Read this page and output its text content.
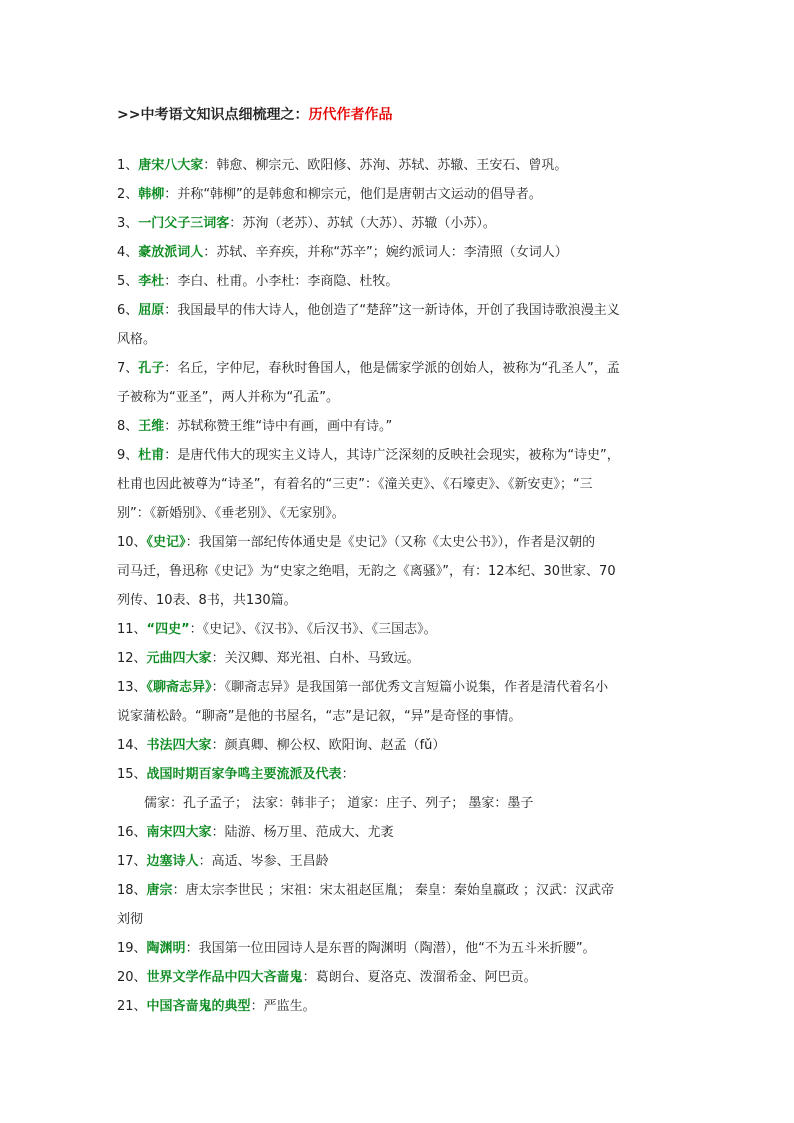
>>中考语文知识点细梳理之：历代作者作品
1、唐宋八大家：韩愈、柳宗元、欧阳修、苏洵、苏轼、苏辙、王安石、曾巩。
2、韩柳：并称“韩柳”的是韩愈和柳宗元，他们是唐朝古文运动的倡导者。
3、一门父子三词客：苏洵（老苏）、苏轼（大苏）、苏辙（小苏）。
4、豪放派词人：苏轼、辛弃疾，并称“苏辛”；婉约派词人：李清照（女词人）
5、李杜：李白、杜甫。小李杜：李商隐、杜牧。
6、屈原：我国最早的伟大诗人，他创造了“楚辞”这一新诗体，开创了我国诗歌浪漫主义
风格。
7、孔子：名丘，字仲尼，春秋时鲁国人，他是儒家学派的创始人，被称为“孔圣人”，孟
子被称为“亚圣”，两人并称为“孔孟”。
8、王维：苏轼称赞王维“诗中有画，画中有诗。”
9、杜甫：是唐代伟大的现实主义诗人，其诗广泛深刻的反映社会现实，被称为“诗史”，
杜甫也因此被尊为“诗圣”，有着名的“三吏”：《潼关吏》、《石壕吏》、《新安吏》；“三
别”：《新婚别》、《垂老别》、《无家别》。
10、《史记》：我国第一部纪传体通史是《史记》（又称《太史公书》），作者是汉朝的
司马迁，鲁迅称《史记》为“史家之绝唱，无韵之《离骚》”，有：12本纪、30世家、70
列传、10表、8书，共130篇。
11、“四史”：《史记》、《汉书》、《后汉书》、《三国志》。
12、元曲四大家：关汉卿、郑光祖、白朴、马致远。
13、《聊斋志异》：《聊斋志异》是我国第一部优秀文言短篇小说集，作者是清代着名小
说家蒲松龄。“聊斋”是他的书屋名，“志”是记叙，“异”是奇怪的事情。
14、书法四大家：颜真卿、柳公权、欧阳询、赵孟（fǔ）
15、战国时期百家争鸣主要流派及代表：
儒家：孔子孟子； 法家：韩非子； 道家：庄子、列子； 墨家：墨子
16、南宋四大家：陆游、杨万里、范成大、尤袤
17、边塞诗人：高适、岑参、王昌龄
18、唐宗：唐太宗李世民 ；宋祖：宋太祖赵匡胤； 秦皇：秦始皇嬴政 ；汉武：汉武帝
刘彻
19、陶渊明：我国第一位田园诗人是东晋的陶渊明（陶潜），他“不为五斗米折腰”。
20、世界文学作品中四大吝啬鬼：葛朗台、夏洛克、泼溜希金、阿巴贡。
21、中国吝啬鬼的典型：严监生。
